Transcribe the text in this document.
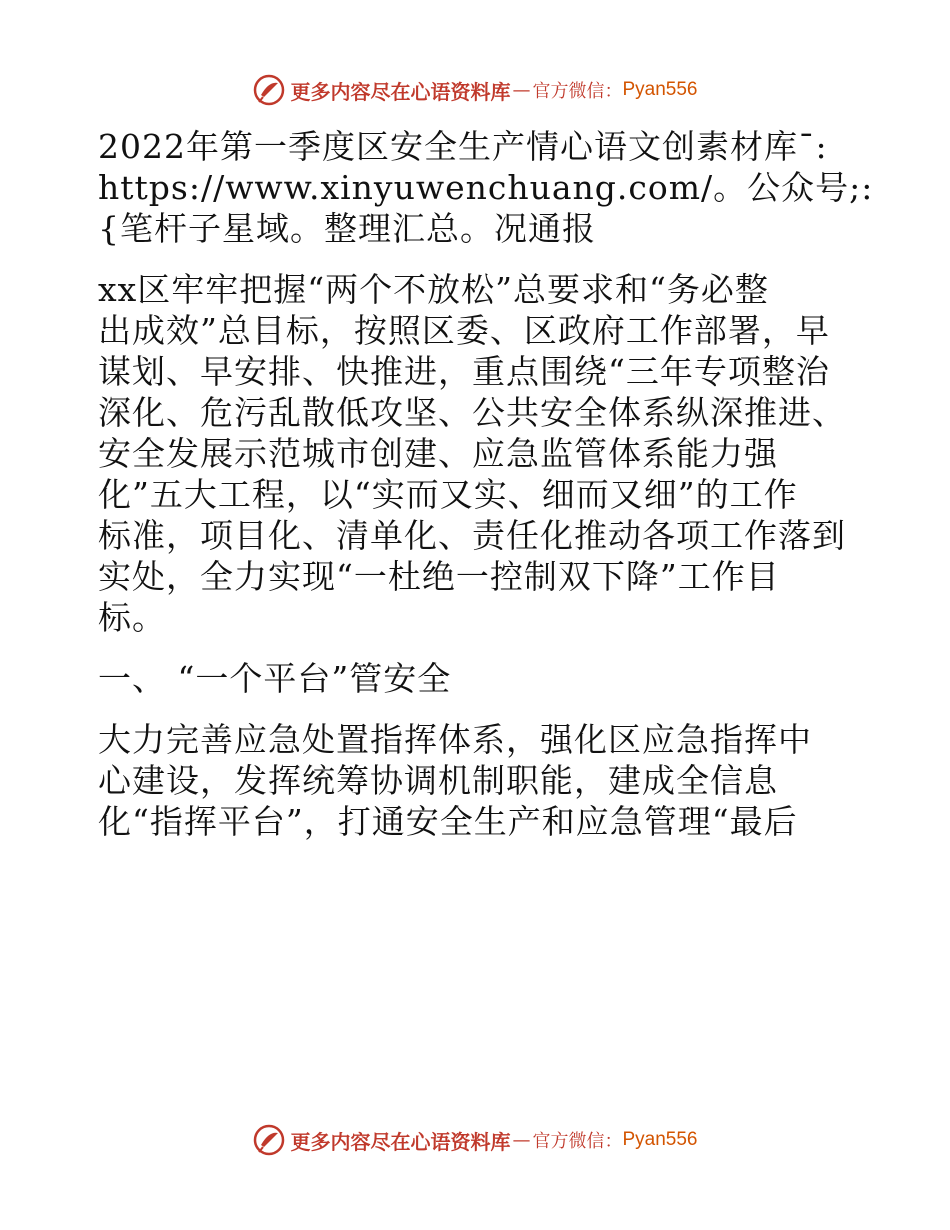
更多内容尽在心语资料库 — 官方微信： Pyan556

2022年第一季度区安全生产情心语文创素材库¯:

https://www.xinyuwenchuang.com/。公众号;:

{笔杆子星域。整理汇总。况通报

xx区牢牢把握“两个不放松”总要求和“务必整

出成效”总目标，按照区委、区政府工作部署，早

谋划、早安排、快推进，重点围绕“三年专项整治

深化、危污乱散低攻坚、公共安全体系纵深推进、

安全发展示范城市创建、应急监管体系能力强

化”五大工程，以“实而又实、细而又细”的工作

标准，项目化、清单化、责任化推动各项工作落到

实处，全力实现“一杜绝一控制双下降”工作目

标。

一、 “一个平台”管安全

大力完善应急处置指挥体系，强化区应急指挥中

心建设，发挥统筹协调机制职能，建成全信息

化“指挥平台”，打通安全生产和应急管理“最后

更多内容尽在心语资料库 — 官方微信： Pyan556
